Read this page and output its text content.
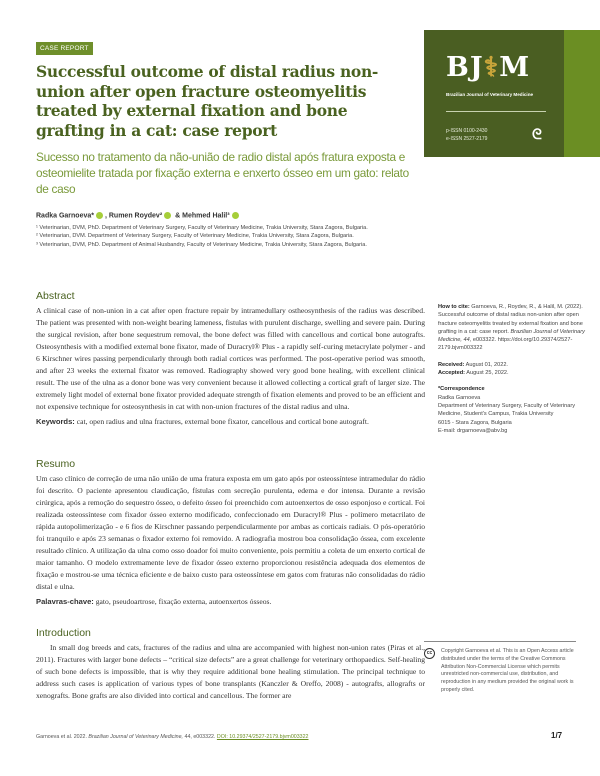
CASE REPORT
Successful outcome of distal radius non-union after open fracture osteomyelitis treated by external fixation and bone grafting in a cat: case report
Sucesso no tratamento da não-união de radio distal após fratura exposta e osteomielite tratada por fixação externa e enxerto ósseo em um gato: relato de caso
Radka Garnoeva* , Rumen Roydev² & Mehmed Halil³
¹ Veterinarian, DVM, PhD. Department of Veterinary Surgery, Faculty of Veterinary Medicine, Trakia University, Stara Zagora, Bulgaria.
² Veterinarian, DVM. Department of Veterinary Surgery, Faculty of Veterinary Medicine, Trakia University, Stara Zagora, Bulgaria.
³ Veterinarian, DVM, PhD. Department of Animal Husbandry, Faculty of Veterinary Medicine, Trakia University, Stara Zagora, Bulgaria.
Abstract

A clinical case of non-union in a cat after open fracture repair by intramedullary ostheosynthesis of the radius was described. The patient was presented with non-weight bearing lameness, fistulas with purulent discharge, swelling and severe pain. During the surgical revision, after bone sequestrum removal, the bone defect was filled with cancellous and cortical bone autografts. Osteosynthesis with a modified external bone fixator, made of Duracryl® Plus - a rapidly self-curing metacrylate polymer - and 6 Kirschner wires passing perpendicularly through both radial cortices was performed. The post-operative period was smooth, and after 23 weeks the external fixator was removed. Radiography showed very good bone healing, with excellent clinical result. The use of the ulna as a donor bone was very convenient because it allowed collecting a cortical graft of larger size. The extremely light model of external bone fixator provided adequate strength of fixation elements and proved to be an efficient and not expensive technique for osteosynthesis in cat with non-union fractures of the distal radius and ulna.

Keywords: cat, open radius and ulna fractures, external bone fixator, cancellous and cortical bone autograft.

Resumo

Um caso clínico de correção de uma não união de uma fratura exposta em um gato após por osteossíntese intramedular do rádio foi descrito. O paciente apresentou claudicação, fístulas com secreção purulenta, edema e dor intensa. Durante a revisão cirúrgica, após a remoção do sequestro ósseo, o defeito ósseo foi preenchido com autoenxertos de osso esponjoso e cortical. Foi realizada osteossíntese com fixador ósseo externo modificado, confeccionado em Duracryl® Plus - polímero metacrilato de rápida autopolimerização - e 6 fios de Kirschner passando perpendicularmente por ambas as corticais radiais. O pós-operatório foi tranquilo e após 23 semanas o fixador externo foi removido. A radiografia mostrou boa consolidação óssea, com excelente resultado clínico. A utilização da ulna como osso doador foi muito conveniente, pois permitiu a coleta de um enxerto cortical de maior tamanho. O modelo extremamente leve de fixador ósseo externo proporcionou resistência adequada dos elementos de fixação e mostrou-se uma técnica eficiente e de baixo custo para osteossíntese em gatos com fraturas não consolidadas do rádio distal e ulna.

Palavras-chave: gato, pseudoartrose, fixação externa, autoenxertos ósseos.

Introduction

In small dog breeds and cats, fractures of the radius and ulna are accompanied with highest non-union rates (Piras et al., 2011). Fractures with larger bone defects – “critical size defects” are a great challenge for veterinary orthopaedics. Self-healing of such bone defects is impossible, that is why they require additional bone healing stimulation. The principal technique to address such cases is application of various types of bone transplants (Kanczler & Oreffo, 2008) - autografts, allografts or xenografts. Bone grafts are also divided into cortical and cancellous. The former are

BJ⚕M
Brazilian Journal of Veterinary Medicine
p-ISSN 0100-2430
e-ISSN 2527-2179	ᘓ

How to cite: Garnoeva, R., Roydev, R., & Halil, M. (2022). Successful outcome of distal radius non-union after open fracture osteomyelitis treated by external fixation and bone grafting in a cat: case report. Brazilian Journal of Veterinary Medicine, 44, e003322. https://doi.org/10.29374/2527-2179.bjvm003322

Received: August 01, 2022.
Accepted: August 25, 2022.

*Correspondence
Radka Garnoeva
Department of Veterinary Surgery, Faculty of Veterinary Medicine, Student's Campus, Trakia University
6015 - Stara Zagora, Bulgaria
E-mail: drgarnoeva@abv.bg
cc	Copyright Garnoeva et al. This is an Open Access article distributed under the terms of the Creative Commons Attribution Non-Commercial License which permits unrestricted non-commercial use, distribution, and reproduction in any medium provided the original work is properly cited.
Garnoeva et al. 2022. Brazilian Journal of Veterinary Medicine, 44, e003322. DOI: 10.29374/2527-2179.bjvm003322	1/7
